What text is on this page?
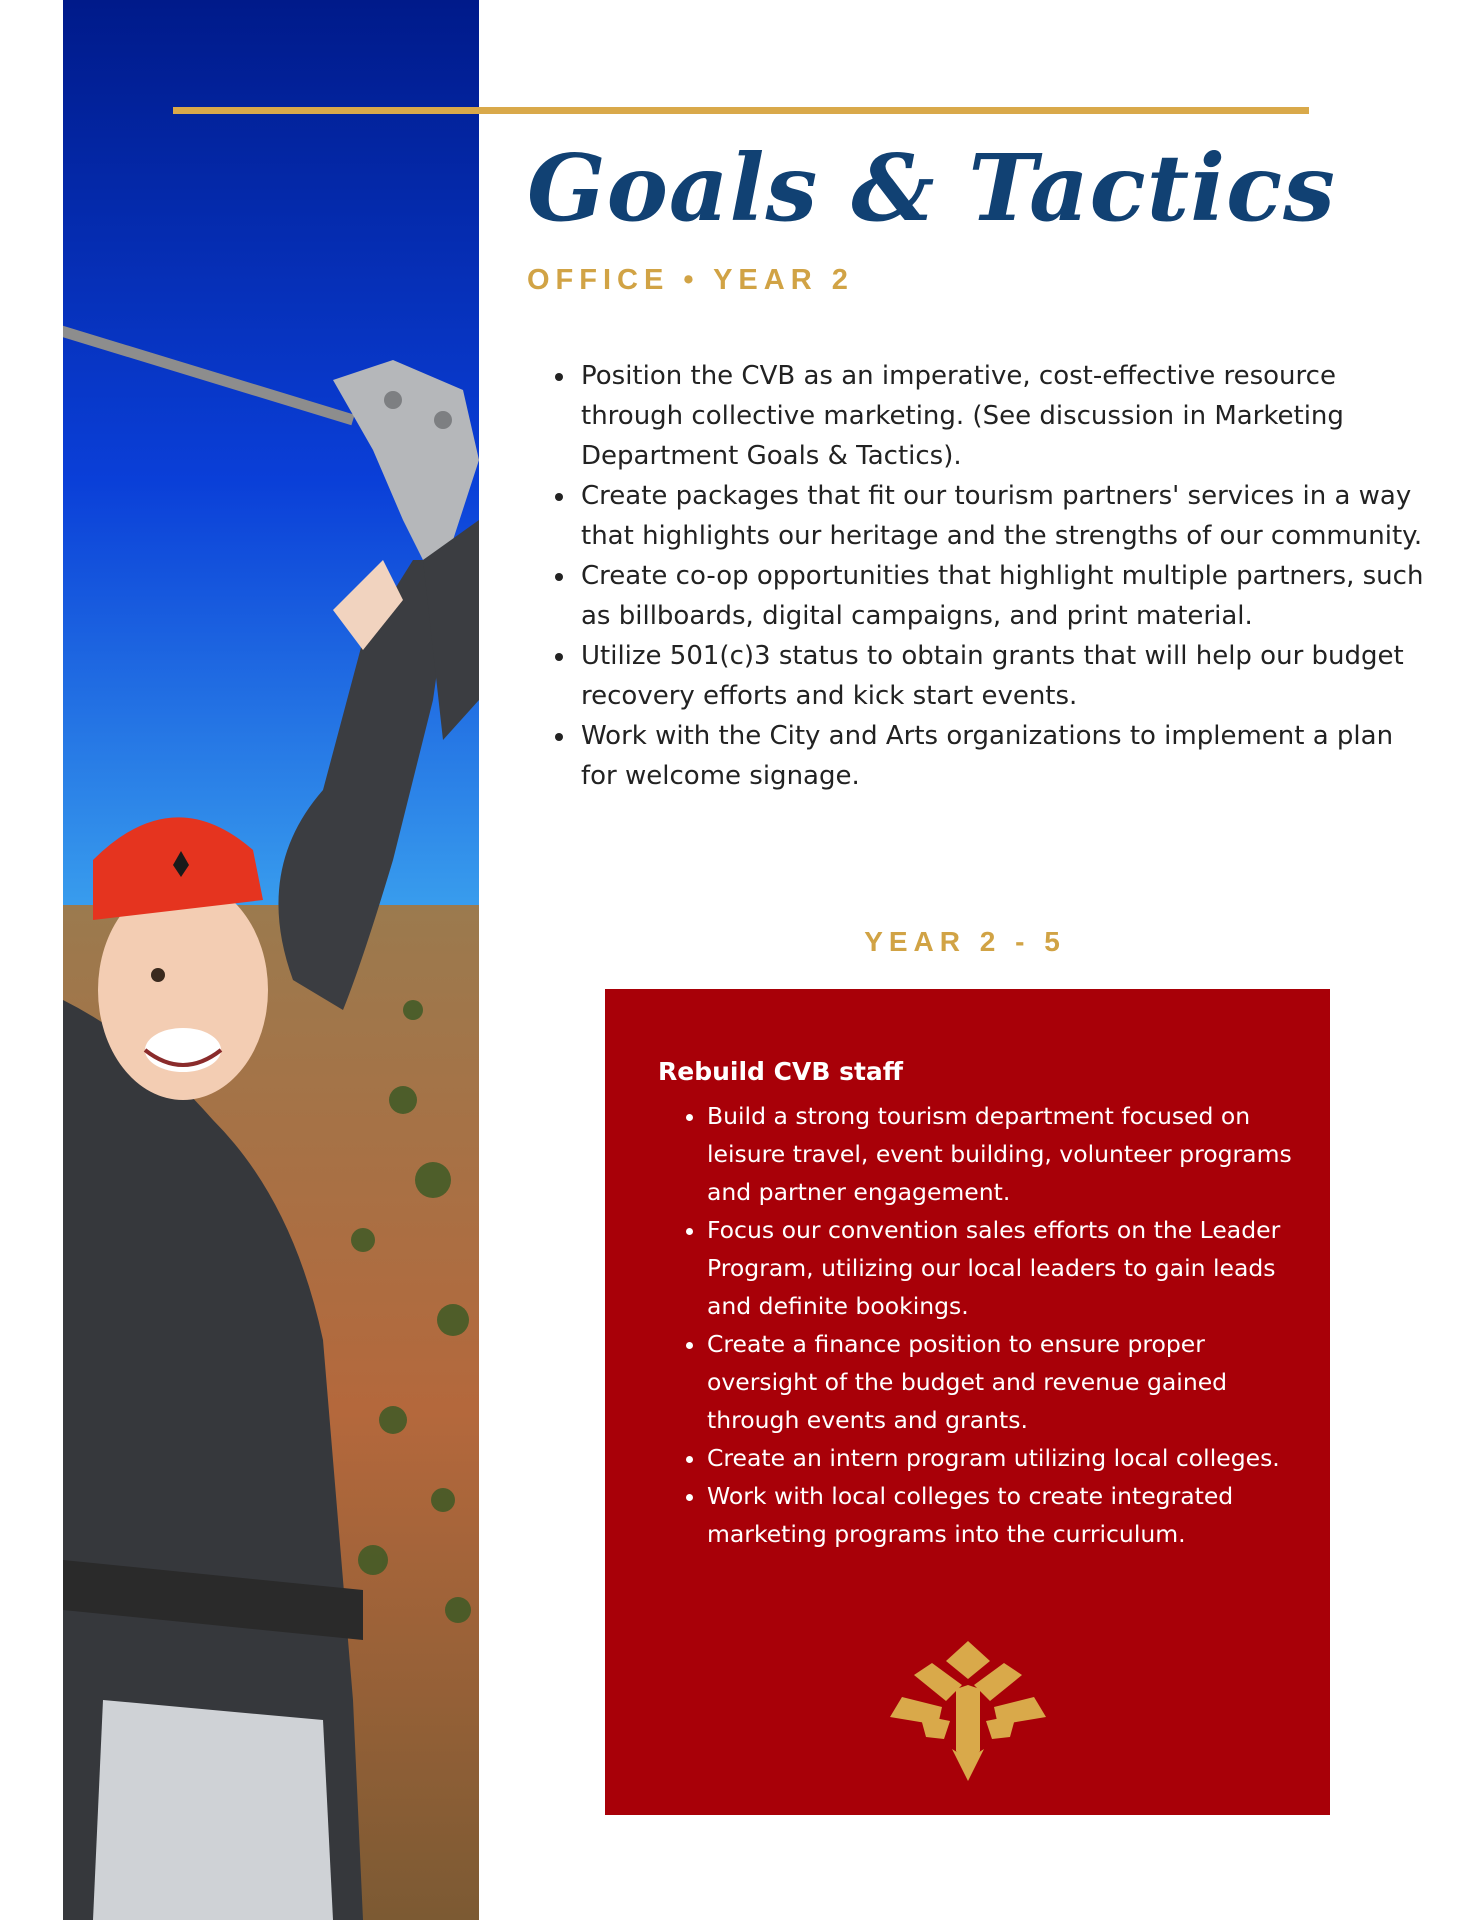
Goals & Tactics
OFFICE • YEAR 2
• Position the CVB as an imperative, cost-effective resource through collective marketing. (See discussion in Marketing Department Goals & Tactics).
• Create packages that fit our tourism partners' services in a way that highlights our heritage and the strengths of our community.
• Create co-op opportunities that highlight multiple partners, such as billboards, digital campaigns, and print material.
• Utilize 501(c)3 status to obtain grants that will help our budget recovery efforts and kick start events.
• Work with the City and Arts organizations to implement a plan for welcome signage.
YEAR 2 - 5
Rebuild CVB staff
• Build a strong tourism department focused on leisure travel, event building, volunteer programs and partner engagement.
• Focus our convention sales efforts on the Leader Program, utilizing our local leaders to gain leads and definite bookings.
• Create a finance position to ensure proper oversight of the budget and revenue gained through events and grants.
• Create an intern program utilizing local colleges.
• Work with local colleges to create integrated marketing programs into the curriculum.
